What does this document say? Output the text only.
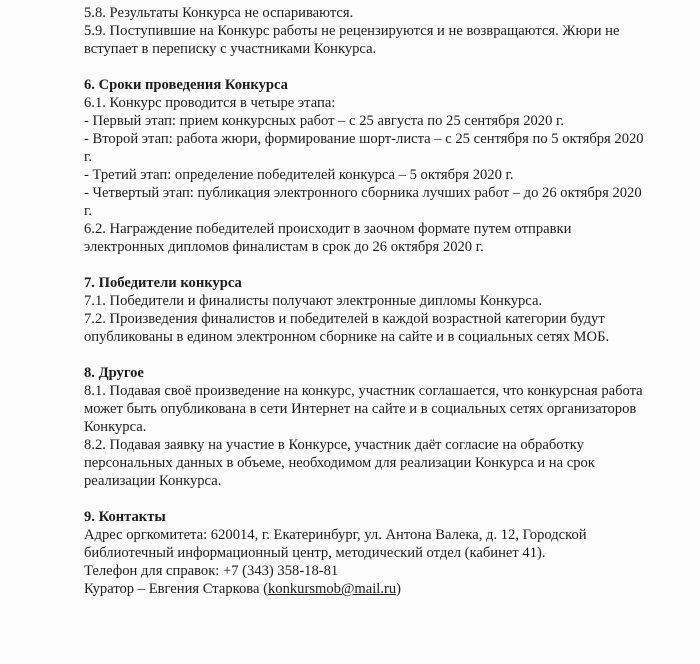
5.8. Результаты Конкурса не оспариваются.
5.9. Поступившие на Конкурс работы не рецензируются и не возвращаются. Жюри не
вступает в переписку с участниками Конкурса.
6. Сроки проведения Конкурса
6.1. Конкурс проводится в четыре этапа:
- Первый этап: прием конкурсных работ – с 25 августа по 25 сентября 2020 г.
- Второй этап: работа жюри, формирование шорт-листа – с 25 сентября по 5 октября 2020
г.
- Третий этап: определение победителей конкурса – 5 октября 2020 г.
- Четвертый этап: публикация электронного сборника лучших работ – до 26 октября 2020
г.
6.2. Награждение победителей происходит в заочном формате путем отправки
электронных дипломов финалистам в срок до 26 октября 2020 г.
7. Победители конкурса
7.1. Победители и финалисты получают электронные дипломы Конкурса.
7.2. Произведения финалистов и победителей в каждой возрастной категории будут
опубликованы в едином электронном сборнике на сайте и в социальных сетях МОБ.
8. Другое
8.1. Подавая своё произведение на конкурс, участник соглашается, что конкурсная работа
может быть опубликована в сети Интернет на сайте и в социальных сетях организаторов
Конкурса.
8.2. Подавая заявку на участие в Конкурсе, участник даёт согласие на обработку
персональных данных в объеме, необходимом для реализации Конкурса и на срок
реализации Конкурса.
9. Контакты
Адрес оргкомитета: 620014, г. Екатеринбург, ул. Антона Валека, д. 12, Городской
библиотечный информационный центр, методический отдел (кабинет 41).
Телефон для справок: +7 (343) 358-18-81
Куратор – Евгения Старкова (konkursmob@mail.ru)
